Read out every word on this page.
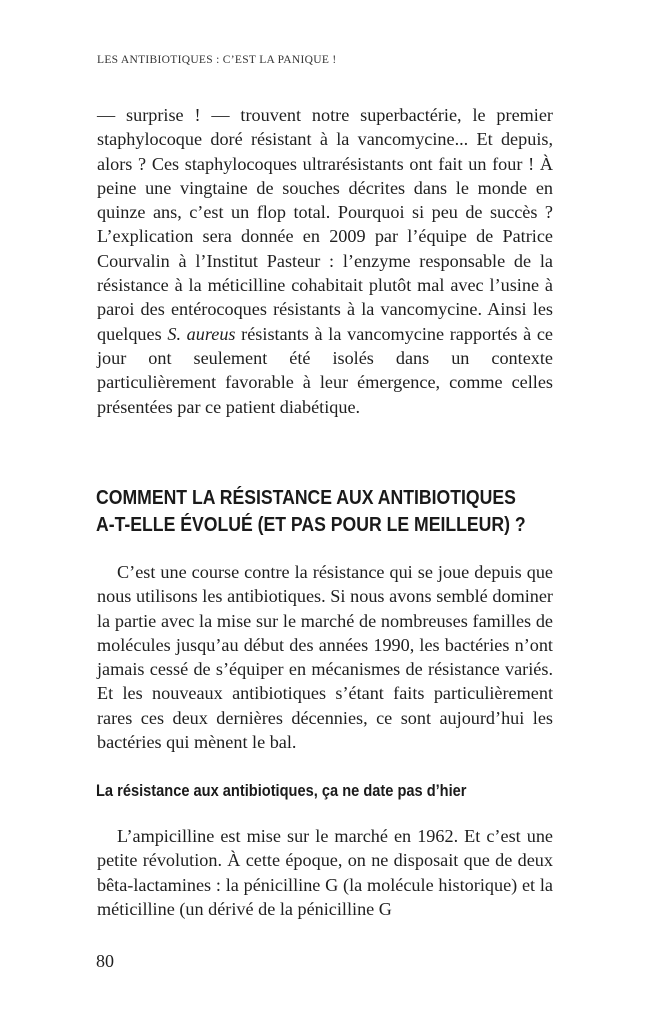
LES ANTIBIOTIQUES : C’EST LA PANIQUE !

— surprise ! — trouvent notre superbactérie, le premier staphylocoque doré résistant à la vancomycine... Et depuis, alors ? Ces staphylocoques ultrarésistants ont fait un four ! À peine une vingtaine de souches décrites dans le monde en quinze ans, c’est un flop total. Pourquoi si peu de succès ? L’explication sera donnée en 2009 par l’équipe de Patrice Courvalin à l’Institut Pasteur : l’enzyme responsable de la résistance à la méticilline cohabitait plutôt mal avec l’usine à paroi des entérocoques résistants à la vancomycine. Ainsi les quelques S. aureus résistants à la vancomycine rapportés à ce jour ont seulement été isolés dans un contexte particulièrement favorable à leur émergence, comme celles présentées par ce patient diabétique.

COMMENT LA RÉSISTANCE AUX ANTIBIOTIQUES
A-T-ELLE ÉVOLUÉ (ET PAS POUR LE MEILLEUR) ?

C’est une course contre la résistance qui se joue depuis que nous utilisons les antibiotiques. Si nous avons semblé dominer la partie avec la mise sur le marché de nombreuses familles de molécules jusqu’au début des années 1990, les bactéries n’ont jamais cessé de s’équiper en mécanismes de résistance variés. Et les nouveaux antibiotiques s’étant faits particulièrement rares ces deux dernières décennies, ce sont aujourd’hui les bactéries qui mènent le bal.

La résistance aux antibiotiques, ça ne date pas d’hier

L’ampicilline est mise sur le marché en 1962. Et c’est une petite révolution. À cette époque, on ne disposait que de deux bêta-lactamines : la pénicilline G (la molécule historique) et la méticilline (un dérivé de la pénicilline G

80
